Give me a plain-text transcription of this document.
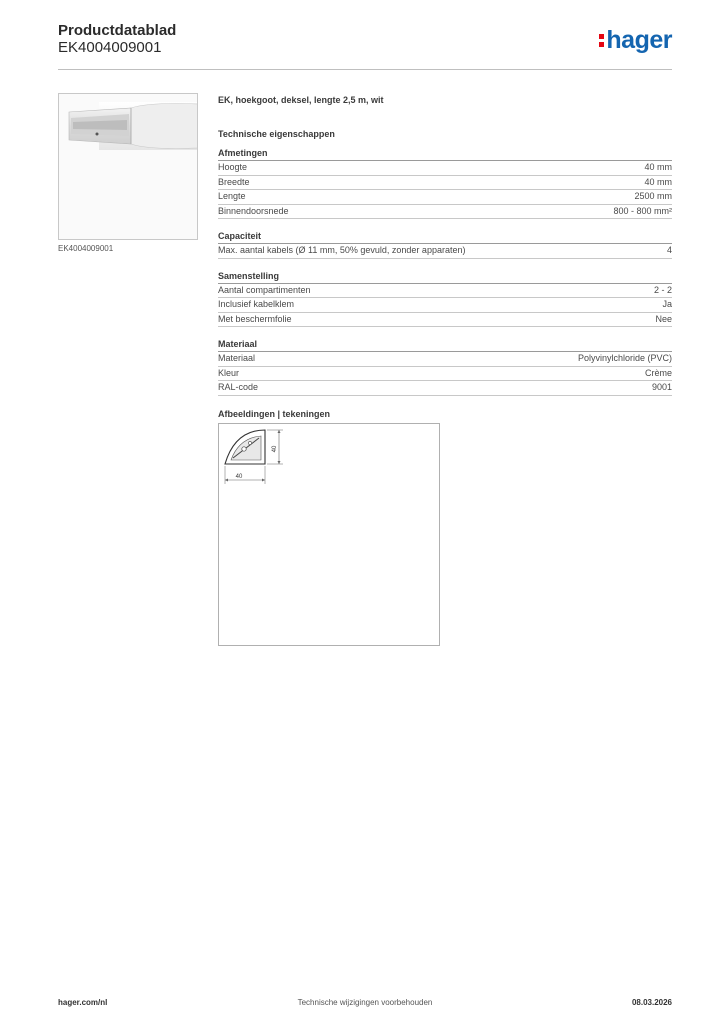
Productdatablad
EK4004009001	hager
EK4004009001
EK, hoekgoot, deksel, lengte 2,5 m, wit
Technische eigenschappen
Afmetingen
Hoogte	40 mm
Breedte	40 mm
Lengte	2500 mm
Binnendoorsnede	800 - 800 mm²
Capaciteit
Max. aantal kabels (Ø 11 mm, 50% gevuld, zonder apparaten)	4
Samenstelling
Aantal compartimenten	2 - 2
Inclusief kabelklem	Ja
Met beschermfolie	Nee
Materiaal
Materiaal	Polyvinylchloride (PVC)
Kleur	Crème
RAL-code	9001
Afbeeldingen | tekeningen
40
40
hager.com/nl	Technische wijzigingen voorbehouden	08.03.2026
